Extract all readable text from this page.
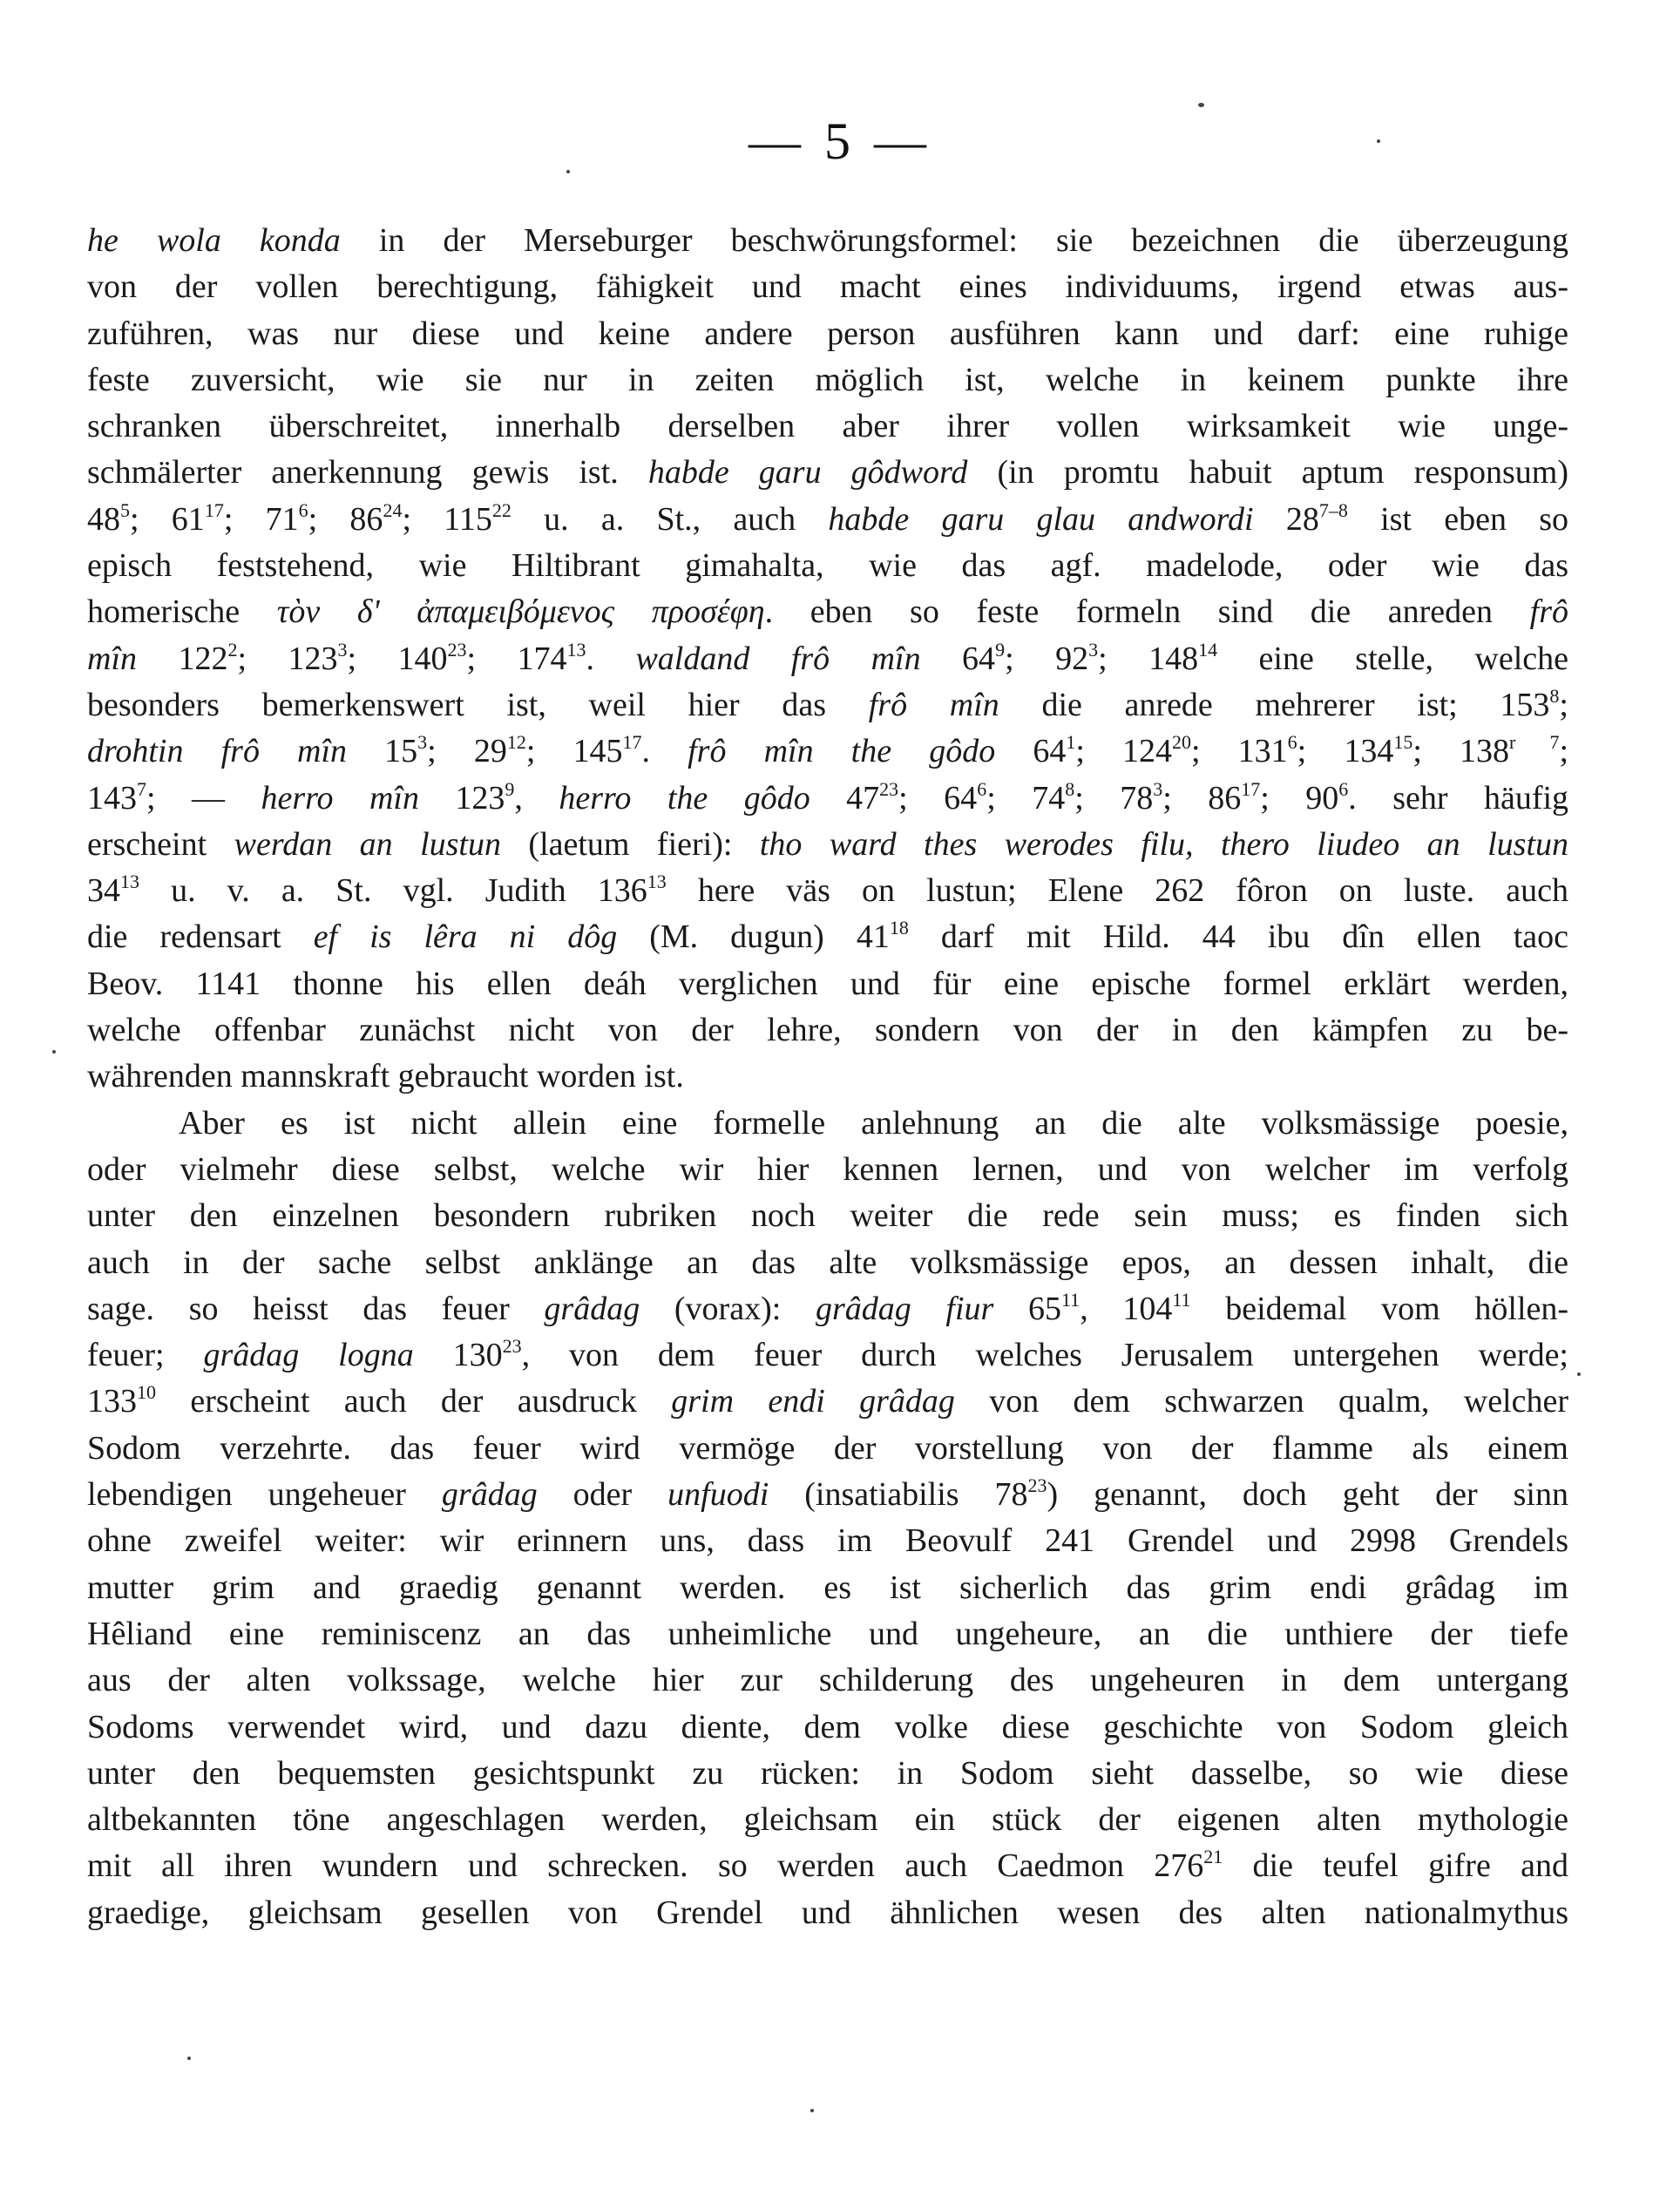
— 5 —
he wola konda in der Merseburger beschwörungsformel: sie bezeichnen die überzeugung
von der vollen berechtigung, fähigkeit und macht eines individuums, irgend etwas aus-
zuführen, was nur diese und keine andere person ausführen kann und darf: eine ruhige
feste zuversicht, wie sie nur in zeiten möglich ist, welche in keinem punkte ihre
schranken überschreitet, innerhalb derselben aber ihrer vollen wirksamkeit wie unge-
schmälerter anerkennung gewis ist. habde garu gôdword (in promtu habuit aptum responsum)
$48^5$; $61^{17}$; $71^6$; $86^{24}$; $115^{22}$ u. a. St., auch habde garu glau andwordi 28$^{7-8}$ ist eben so
episch feststehend, wie Hiltibrant gimahalta, wie das agf. madelode, oder wie das
homerische τὸν δ' ἀπαμειβόμενος προσέφη. eben so feste formeln sind die anreden frô
mîn $122^2$; $123^3$; $140^{23}$; $174^{13}$. waldand frô mîn $64^9$; $92^3$; $148^{14}$ eine stelle, welche
besonders bemerkenswert ist, weil hier das frô mîn die anrede mehrerer ist; $153^8$;
drohtin frô mîn $15^3$; $29^{12}$; $145^{17}$. frô mîn the gôdo $64^1$; $124^{20}$; $131^6$; $134^{15}$; $138^{r 7}$;
$143^7$; — herro mîn $123^9$, herro the gôdo $47^{23}$; $64^6$; $74^8$; $78^3$; $86^{17}$; $90^6$. sehr häufig
erscheint werdan an lustun (laetum fieri): tho ward thes werodes filu, thero liudeo an lustun
$34^{13}$ u. v. a. St. vgl. Judith $136^{13}$ here väs on lustun; Elene 262 fôron on luste. auch
die redensart ef is lêra ni dôg (M. dugun) $41^{18}$ darf mit Hild. 44 ibu dîn ellen taoc
Beov. 1141 thonne his ellen deáh verglichen und für eine epische formel erklärt werden,
welche offenbar zunächst nicht von der lehre, sondern von der in den kämpfen zu be-
währenden mannskraft gebraucht worden ist.
Aber es ist nicht allein eine formelle anlehnung an die alte volksmässige poesie,
oder vielmehr diese selbst, welche wir hier kennen lernen, und von welcher im verfolg
unter den einzelnen besondern rubriken noch weiter die rede sein muss; es finden sich
auch in der sache selbst anklänge an das alte volksmässige epos, an dessen inhalt, die
sage. so heisst das feuer grâdag (vorax): grâdag fiur $65^{11}$, $104^{11}$ beidemal vom höllen-
feuer; grâdag logna $130^{23}$, von dem feuer durch welches Jerusalem untergehen werde;
$133^{10}$ erscheint auch der ausdruck grim endi grâdag von dem schwarzen qualm, welcher
Sodom verzehrte. das feuer wird vermöge der vorstellung von der flamme als einem
lebendigen ungeheuer grâdag oder unfuodi (insatiabilis $78^{23}$) genannt, doch geht der sinn
ohne zweifel weiter: wir erinnern uns, dass im Beovulf 241 Grendel und 2998 Grendels
mutter grim and graedig genannt werden. es ist sicherlich das grim endi grâdag im
Hêliand eine reminiscenz an das unheimliche und ungeheure, an die unthiere der tiefe
aus der alten volkssage, welche hier zur schilderung des ungeheuren in dem untergang
Sodoms verwendet wird, und dazu diente, dem volke diese geschichte von Sodom gleich
unter den bequemsten gesichtspunkt zu rücken: in Sodom sieht dasselbe, so wie diese
altbekannten töne angeschlagen werden, gleichsam ein stück der eigenen alten mythologie
mit all ihren wundern und schrecken. so werden auch Caedmon $276^{21}$ die teufel gifre and
graedige, gleichsam gesellen von Grendel und ähnlichen wesen des alten nationalmythus
